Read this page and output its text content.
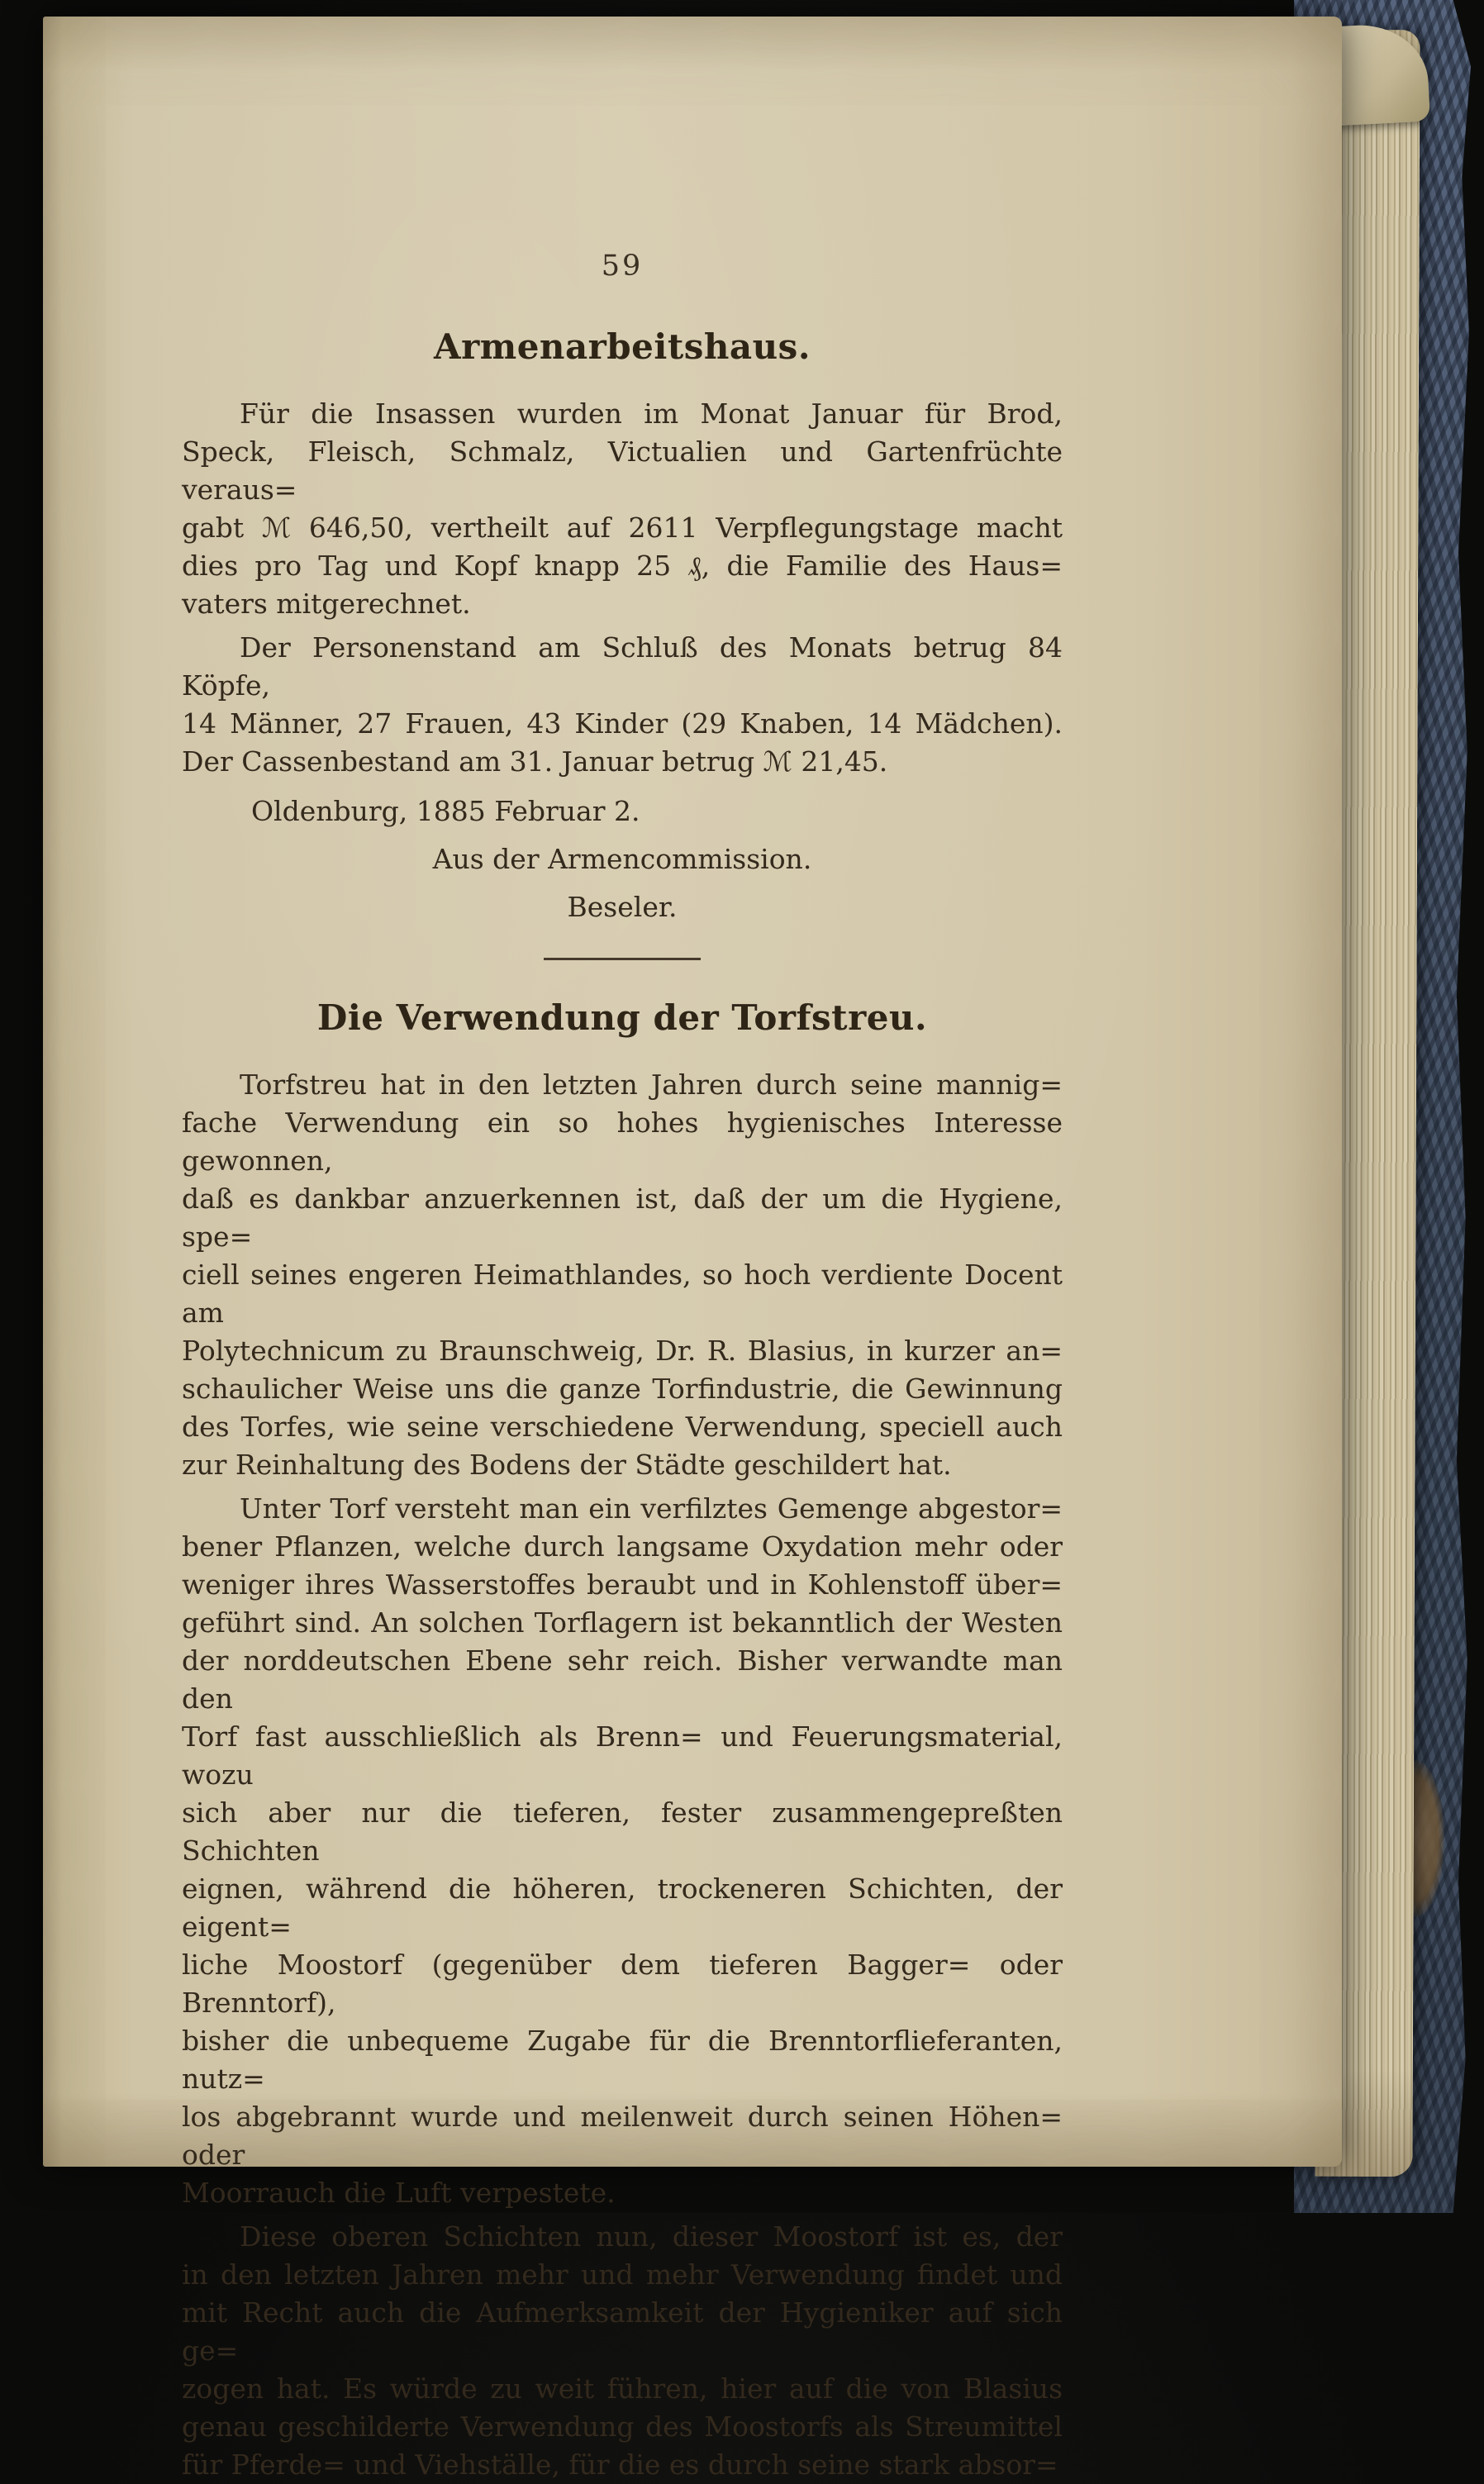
59
Armenarbeitshaus.
Für die Insassen wurden im Monat Januar für Brod,
Speck, Fleisch, Schmalz, Victualien und Gartenfrüchte veraus=
gabt ℳ 646,50, vertheilt auf 2611 Verpflegungstage macht
dies pro Tag und Kopf knapp 25 ₰, die Familie des Haus=
vaters mitgerechnet.
Der Personenstand am Schluß des Monats betrug 84 Köpfe,
14 Männer, 27 Frauen, 43 Kinder (29 Knaben, 14 Mädchen).
Der Cassenbestand am 31. Januar betrug ℳ 21,45.
Oldenburg, 1885 Februar 2.
Aus der Armencommission.
Beseler.
Die Verwendung der Torfstreu.
Torfstreu hat in den letzten Jahren durch seine mannig=
fache Verwendung ein so hohes hygienisches Interesse gewonnen,
daß es dankbar anzuerkennen ist, daß der um die Hygiene, spe=
ciell seines engeren Heimathlandes, so hoch verdiente Docent am
Polytechnicum zu Braunschweig, Dr. R. Blasius, in kurzer an=
schaulicher Weise uns die ganze Torfindustrie, die Gewinnung
des Torfes, wie seine verschiedene Verwendung, speciell auch
zur Reinhaltung des Bodens der Städte geschildert hat.
Unter Torf versteht man ein verfilztes Gemenge abgestor=
bener Pflanzen, welche durch langsame Oxydation mehr oder
weniger ihres Wasserstoffes beraubt und in Kohlenstoff über=
geführt sind. An solchen Torflagern ist bekanntlich der Westen
der norddeutschen Ebene sehr reich. Bisher verwandte man den
Torf fast ausschließlich als Brenn= und Feuerungsmaterial, wozu
sich aber nur die tieferen, fester zusammengepreßten Schichten
eignen, während die höheren, trockeneren Schichten, der eigent=
liche Moostorf (gegenüber dem tieferen Bagger= oder Brenntorf),
bisher die unbequeme Zugabe für die Brenntorflieferanten, nutz=
los abgebrannt wurde und meilenweit durch seinen Höhen= oder
Moorrauch die Luft verpestete.
Diese oberen Schichten nun, dieser Moostorf ist es, der
in den letzten Jahren mehr und mehr Verwendung findet und
mit Recht auch die Aufmerksamkeit der Hygieniker auf sich ge=
zogen hat. Es würde zu weit führen, hier auf die von Blasius
genau geschilderte Verwendung des Moostorfs als Streumittel
für Pferde= und Viehställe, für die es durch seine stark absor=
